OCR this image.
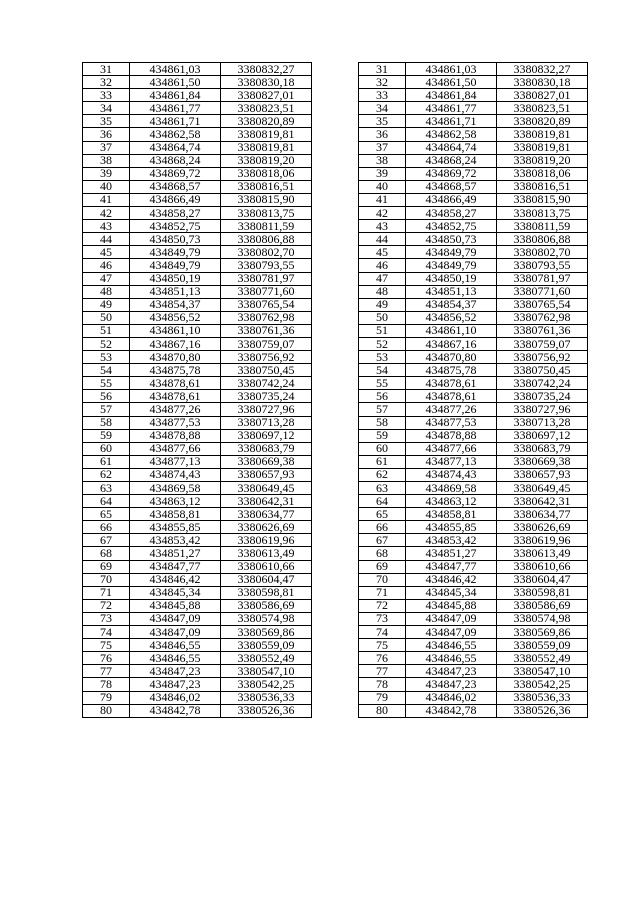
31	434861,03	3380832,27
32	434861,50	3380830,18
33	434861,84	3380827,01
34	434861,77	3380823,51
35	434861,71	3380820,89
36	434862,58	3380819,81
37	434864,74	3380819,81
38	434868,24	3380819,20
39	434869,72	3380818,06
40	434868,57	3380816,51
41	434866,49	3380815,90
42	434858,27	3380813,75
43	434852,75	3380811,59
44	434850,73	3380806,88
45	434849,79	3380802,70
46	434849,79	3380793,55
47	434850,19	3380781,97
48	434851,13	3380771,60
49	434854,37	3380765,54
50	434856,52	3380762,98
51	434861,10	3380761,36
52	434867,16	3380759,07
53	434870,80	3380756,92
54	434875,78	3380750,45
55	434878,61	3380742,24
56	434878,61	3380735,24
57	434877,26	3380727,96
58	434877,53	3380713,28
59	434878,88	3380697,12
60	434877,66	3380683,79
61	434877,13	3380669,38
62	434874,43	3380657,93
63	434869,58	3380649,45
64	434863,12	3380642,31
65	434858,81	3380634,77
66	434855,85	3380626,69
67	434853,42	3380619,96
68	434851,27	3380613,49
69	434847,77	3380610,66
70	434846,42	3380604,47
71	434845,34	3380598,81
72	434845,88	3380586,69
73	434847,09	3380574,98
74	434847,09	3380569,86
75	434846,55	3380559,09
76	434846,55	3380552,49
77	434847,23	3380547,10
78	434847,23	3380542,25
79	434846,02	3380536,33
80	434842,78	3380526,36
31	434861,03	3380832,27
32	434861,50	3380830,18
33	434861,84	3380827,01
34	434861,77	3380823,51
35	434861,71	3380820,89
36	434862,58	3380819,81
37	434864,74	3380819,81
38	434868,24	3380819,20
39	434869,72	3380818,06
40	434868,57	3380816,51
41	434866,49	3380815,90
42	434858,27	3380813,75
43	434852,75	3380811,59
44	434850,73	3380806,88
45	434849,79	3380802,70
46	434849,79	3380793,55
47	434850,19	3380781,97
48	434851,13	3380771,60
49	434854,37	3380765,54
50	434856,52	3380762,98
51	434861,10	3380761,36
52	434867,16	3380759,07
53	434870,80	3380756,92
54	434875,78	3380750,45
55	434878,61	3380742,24
56	434878,61	3380735,24
57	434877,26	3380727,96
58	434877,53	3380713,28
59	434878,88	3380697,12
60	434877,66	3380683,79
61	434877,13	3380669,38
62	434874,43	3380657,93
63	434869,58	3380649,45
64	434863,12	3380642,31
65	434858,81	3380634,77
66	434855,85	3380626,69
67	434853,42	3380619,96
68	434851,27	3380613,49
69	434847,77	3380610,66
70	434846,42	3380604,47
71	434845,34	3380598,81
72	434845,88	3380586,69
73	434847,09	3380574,98
74	434847,09	3380569,86
75	434846,55	3380559,09
76	434846,55	3380552,49
77	434847,23	3380547,10
78	434847,23	3380542,25
79	434846,02	3380536,33
80	434842,78	3380526,36
